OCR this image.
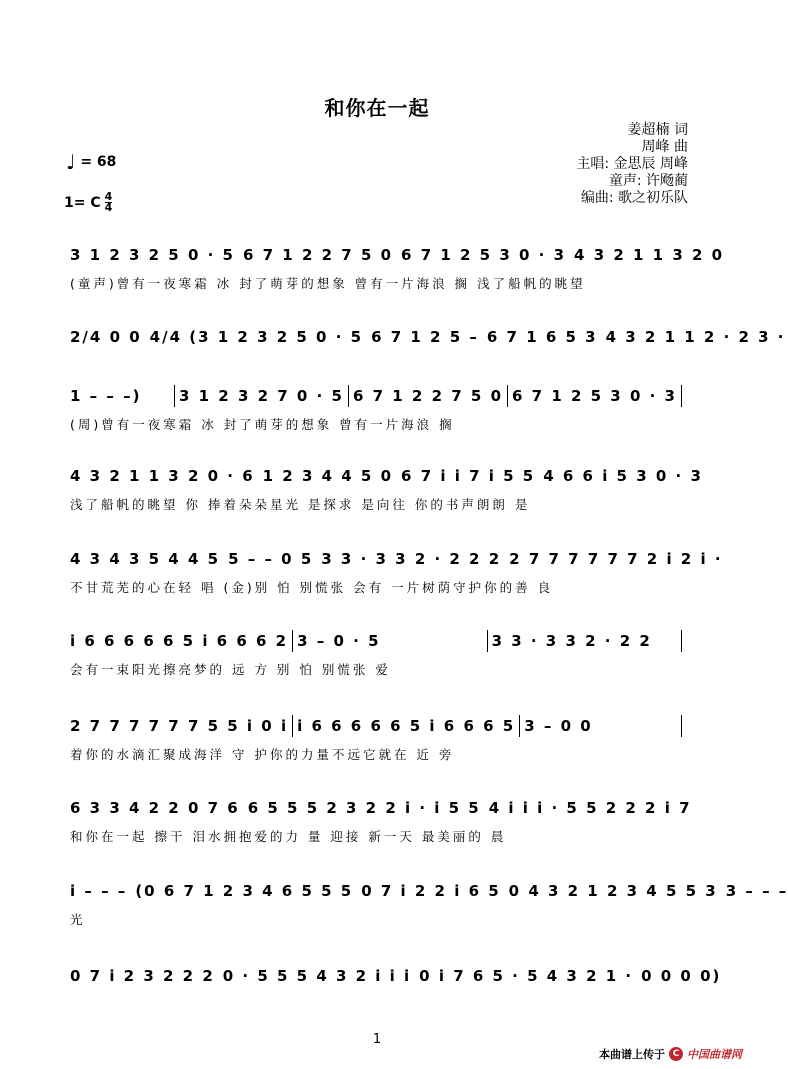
和你在一起
姜超楠 词
周峰 曲
主唱: 金思辰 周峰
童声: 许飏蔺
编曲: 歌之初乐队
♩ = 68
1= C 4
4
3 1 2 3 2 5 0 · 5 6 7 1 2 2 7 5 0 6 7 1 2 5 3 0 · 3 4 3 2 1 1 3 2 0
(童声)曾有一夜寒霜 冰 封了萌芽的想象 曾有一片海浪 搁 浅了船帆的眺望
2/4 0 0 4/4 (3 1 2 3 2 5 0 · 5 6 7 1 2 5 – 6 7 1 6 5 3 4 3 2 1 1 2 · 2 3 ·
1 – – –)	3 1 2 3 2 7 0 · 5 6 7 1 2 2 7 5 0 6 7 1 2 5 3 0 · 3
(周)曾有一夜寒霜 冰 封了萌芽的想象 曾有一片海浪 搁
4 3 2 1 1 3 2 0 · 6 1 2 3 4 4 5 0 6 7 i i 7 i 5 5 4 6 6 i 5 3 0 · 3
浅了船帆的眺望 你 捧着朵朵星光 是探求 是向往 你的书声朗朗 是
4 3 4 3 5 4 4 5 5 – – 0 5 3 3 · 3 3 2 · 2 2 2 2 7 7 7 7 7 7 2 i 2 i ·
不甘荒芜的心在轻 唱 (金)别 怕 别慌张 会有 一片树荫守护你的善 良
i 6 6 6 6 6 5 i 6 6 6 2 3 – 0 · 5	3 3 · 3 3 2 · 2 2
会有一束阳光擦亮梦的 远 方 别 怕 别慌张 爱
2 7 7 7 7 7 7 5 5 i 0 i i 6 6 6 6 6 5 i 6 6 6 5 3 – 0 0
着你的水滴汇聚成海洋 守 护你的力量不远它就在 近 旁
6 3 3 4 2 2 0 7 6 6 5 5 5 2 3 2 2 i · i 5 5 4 i i i · 5 5 2 2 2 i 7
和你在一起 擦干 泪水拥抱爱的力 量 迎接 新一天 最美丽的 晨
i – – – (0 6 7 1 2 3 4 6 5 5 5 0 7 i 2 2 i 6 5 0 4 3 2 1 2 3 4 5 5 3 3 – – –
光
0 7 i 2 3 2 2 2 0 · 5 5 5 4 3 2 i i i 0 i 7 6 5 · 5 4 3 2 1 · 0 0 0 0)
1
本曲谱上传于 C 中国曲谱网
